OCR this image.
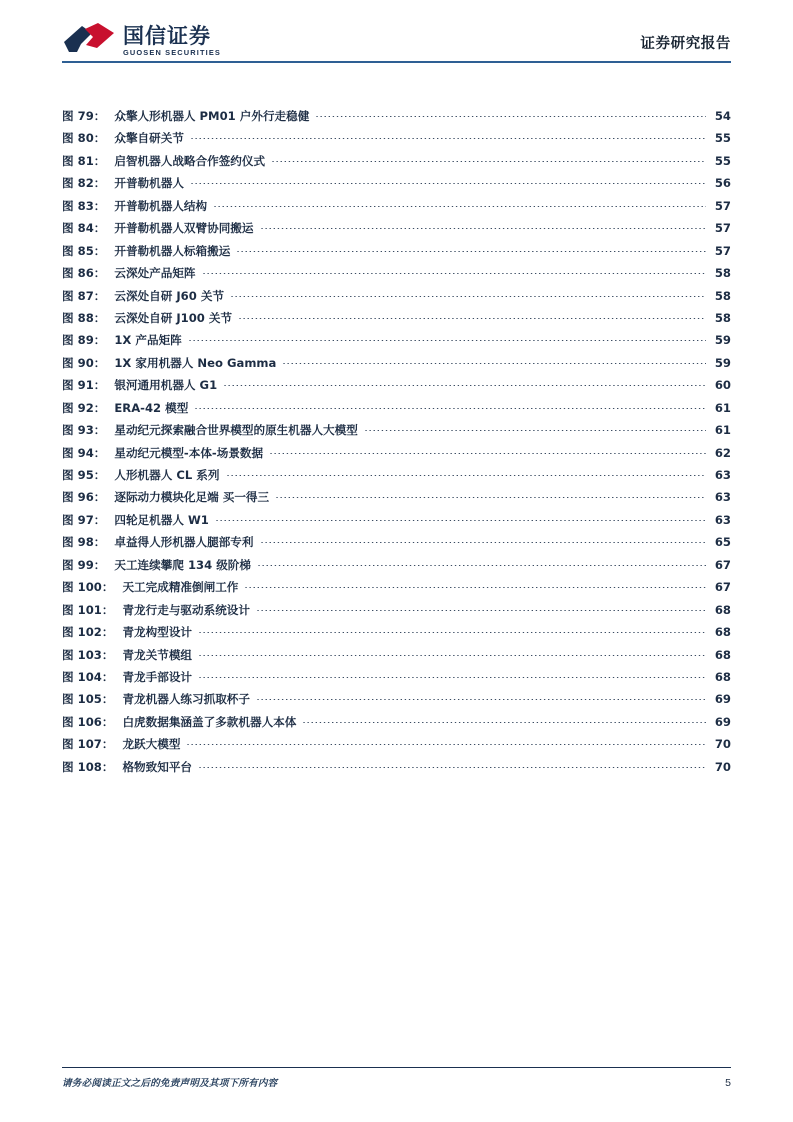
国信证券
GUOSEN SECURITIES
证券研究报告
图 79： 众擎人形机器人 PM01 户外行走稳健	54
图 80： 众擎自研关节	55
图 81： 启智机器人战略合作签约仪式	55
图 82： 开普勒机器人	56
图 83： 开普勒机器人结构	57
图 84： 开普勒机器人双臂协同搬运	57
图 85： 开普勒机器人标箱搬运	57
图 86： 云深处产品矩阵	58
图 87： 云深处自研 J60 关节	58
图 88： 云深处自研 J100 关节	58
图 89： 1X 产品矩阵	59
图 90： 1X 家用机器人 Neo Gamma	59
图 91： 银河通用机器人 G1	60
图 92： ERA-42 模型	61
图 93： 星动纪元探索融合世界模型的原生机器人大模型	61
图 94： 星动纪元模型-本体-场景数据	62
图 95： 人形机器人 CL 系列	63
图 96： 逐际动力模块化足端 买一得三	63
图 97： 四轮足机器人 W1	63
图 98： 卓益得人形机器人腿部专利	65
图 99： 天工连续攀爬 134 级阶梯	67
图 100： 天工完成精准倒闸工作	67
图 101： 青龙行走与驱动系统设计	68
图 102： 青龙构型设计	68
图 103： 青龙关节模组	68
图 104： 青龙手部设计	68
图 105： 青龙机器人练习抓取杯子	69
图 106： 白虎数据集涵盖了多款机器人本体	69
图 107： 龙跃大模型	70
图 108： 格物致知平台	70
请务必阅读正文之后的免责声明及其项下所有内容	5
